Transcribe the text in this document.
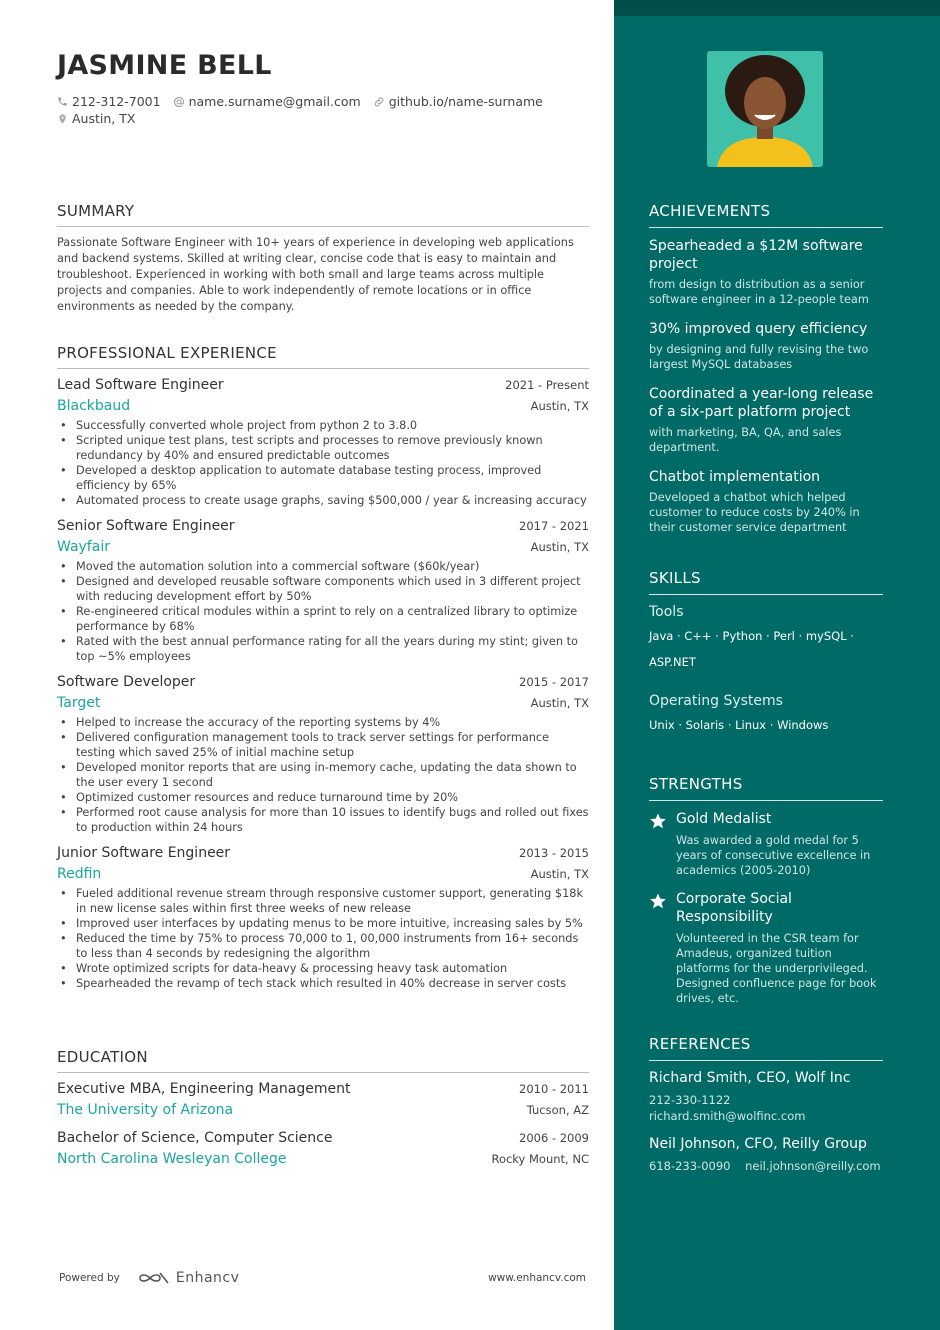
JASMINE BELL
212-312-7001 name.surname@gmail.com github.io/name-surname
Austin, TX
SUMMARY

Passionate Software Engineer with 10+ years of experience in developing web applications and backend systems. Skilled at writing clear, concise code that is easy to maintain and troubleshoot. Experienced in working with both small and large teams across multiple projects and companies. Able to work independently of remote locations or in office environments as needed by the company.

PROFESSIONAL EXPERIENCE
Lead Software Engineer	2021 - Present
Blackbaud	Austin, TX
• Successfully converted whole project from python 2 to 3.8.0
• Scripted unique test plans, test scripts and processes to remove previously known redundancy by 40% and ensured predictable outcomes
• Developed a desktop application to automate database testing process, improved efficiency by 65%
• Automated process to create usage graphs, saving $500,000 / year & increasing accuracy
Senior Software Engineer	2017 - 2021
Wayfair	Austin, TX
• Moved the automation solution into a commercial software ($60k/year)
• Designed and developed reusable software components which used in 3 different project with reducing development effort by 50%
• Re-engineered critical modules within a sprint to rely on a centralized library to optimize performance by 68%
• Rated with the best annual performance rating for all the years during my stint; given to top ~5% employees
Software Developer	2015 - 2017
Target	Austin, TX
• Helped to increase the accuracy of the reporting systems by 4%
• Delivered configuration management tools to track server settings for performance testing which saved 25% of initial machine setup
• Developed monitor reports that are using in-memory cache, updating the data shown to the user every 1 second
• Optimized customer resources and reduce turnaround time by 20%
• Performed root cause analysis for more than 10 issues to identify bugs and rolled out fixes to production within 24 hours
Junior Software Engineer	2013 - 2015
Redfin	Austin, TX
• Fueled additional revenue stream through responsive customer support, generating $18k in new license sales within first three weeks of new release
• Improved user interfaces by updating menus to be more intuitive, increasing sales by 5%
• Reduced the time by 75% to process 70,000 to 1, 00,000 instruments from 16+ seconds to less than 4 seconds by redesigning the algorithm
• Wrote optimized scripts for data-heavy & processing heavy task automation
• Spearheaded the revamp of tech stack which resulted in 40% decrease in server costs
EDUCATION
Executive MBA, Engineering Management	2010 - 2011
The University of Arizona	Tucson, AZ
Bachelor of Science, Computer Science	2006 - 2009
North Carolina Wesleyan College	Rocky Mount, NC
Powered by	Enhancv	www.enhancv.com
ACHIEVEMENTS
Spearheaded a $12M software project
from design to distribution as a senior software engineer in a 12-people team
30% improved query efficiency
by designing and fully revising the two largest MySQL databases
Coordinated a year-long release of a six-part platform project
with marketing, BA, QA, and sales department.
Chatbot implementation
Developed a chatbot which helped customer to reduce costs by 240% in their customer service department
SKILLS
Tools
Java · C++ · Python · Perl · mySQL ·
ASP.NET
Operating Systems
Unix · Solaris · Linux · Windows
STRENGTHS
Gold Medalist
Was awarded a gold medal for 5 years of consecutive excellence in academics (2005-2010)
Corporate Social Responsibility
Volunteered in the CSR team for Amadeus, organized tuition platforms for the underprivileged. Designed confluence page for book drives, etc.
REFERENCES
Richard Smith, CEO, Wolf Inc
212-330-1122
richard.smith@wolfinc.com
Neil Johnson, CFO, Reilly Group
618-233-0090    neil.johnson@reilly.com
